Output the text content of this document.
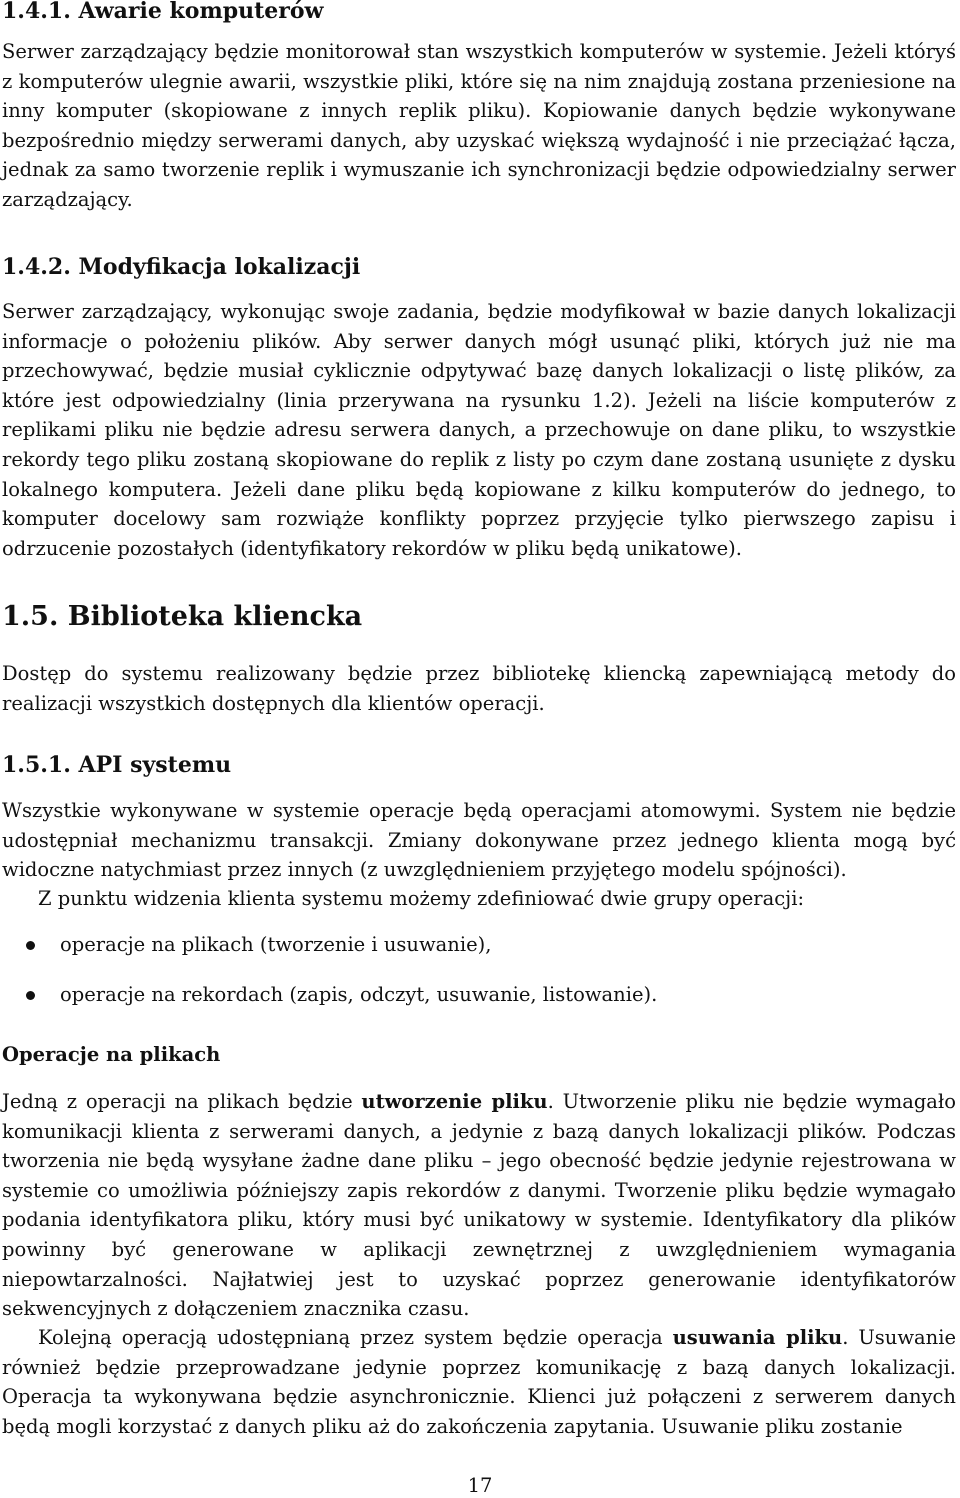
1.4.1. Awarie komputerów

Serwer zarządzający będzie monitorował stan wszystkich komputerów w systemie. Jeżeli któryś z komputerów ulegnie awarii, wszystkie pliki, które się na nim znajdują zostana przeniesione na inny komputer (skopiowane z innych replik pliku). Kopiowanie danych będzie wykonywane bezpośrednio między serwerami danych, aby uzyskać większą wydajność i nie przeciążać łącza, jednak za samo tworzenie replik i wymuszanie ich synchronizacji będzie odpowiedzialny serwer zarządzający.

1.4.2. Modyfikacja lokalizacji

Serwer zarządzający, wykonując swoje zadania, będzie modyfikował w bazie danych lokalizacji informacje o położeniu plików. Aby serwer danych mógł usunąć pliki, których już nie ma przechowywać, będzie musiał cyklicznie odpytywać bazę danych lokalizacji o listę plików, za które jest odpowiedzialny (linia przerywana na rysunku 1.2). Jeżeli na liście komputerów z replikami pliku nie będzie adresu serwera danych, a przechowuje on dane pliku, to wszystkie rekordy tego pliku zostaną skopiowane do replik z listy po czym dane zostaną usunięte z dysku lokalnego komputera. Jeżeli dane pliku będą kopiowane z kilku komputerów do jednego, to komputer docelowy sam rozwiąże konflikty poprzez przyjęcie tylko pierwszego zapisu i odrzucenie pozostałych (identyfikatory rekordów w pliku będą unikatowe).

1.5. Biblioteka kliencka

Dostęp do systemu realizowany będzie przez bibliotekę kliencką zapewniającą metody do realizacji wszystkich dostępnych dla klientów operacji.

1.5.1. API systemu

Wszystkie wykonywane w systemie operacje będą operacjami atomowymi. System nie będzie udostępniał mechanizmu transakcji. Zmiany dokonywane przez jednego klienta mogą być widoczne natychmiast przez innych (z uwzględnieniem przyjętego modelu spójności).

Z punktu widzenia klienta systemu możemy zdefiniować dwie grupy operacji:

operacje na plikach (tworzenie i usuwanie),
operacje na rekordach (zapis, odczyt, usuwanie, listowanie).
Operacje na plikach

Jedną z operacji na plikach będzie utworzenie pliku. Utworzenie pliku nie będzie wymagało komunikacji klienta z serwerami danych, a jedynie z bazą danych lokalizacji plików. Podczas tworzenia nie będą wysyłane żadne dane pliku – jego obecność będzie jedynie rejestrowana w systemie co umożliwia późniejszy zapis rekordów z danymi. Tworzenie pliku będzie wymagało podania identyfikatora pliku, który musi być unikatowy w systemie. Identyfikatory dla plików powinny być generowane w aplikacji zewnętrznej z uwzględnieniem wymagania niepowtarzalności. Najłatwiej jest to uzyskać poprzez generowanie identyfikatorów sekwencyjnych z dołączeniem znacznika czasu.

Kolejną operacją udostępnianą przez system będzie operacja usuwania pliku. Usuwanie również będzie przeprowadzane jedynie poprzez komunikację z bazą danych lokalizacji. Operacja ta wykonywana będzie asynchronicznie. Klienci już połączeni z serwerem danych będą mogli korzystać z danych pliku aż do zakończenia zapytania. Usuwanie pliku zostanie

17
